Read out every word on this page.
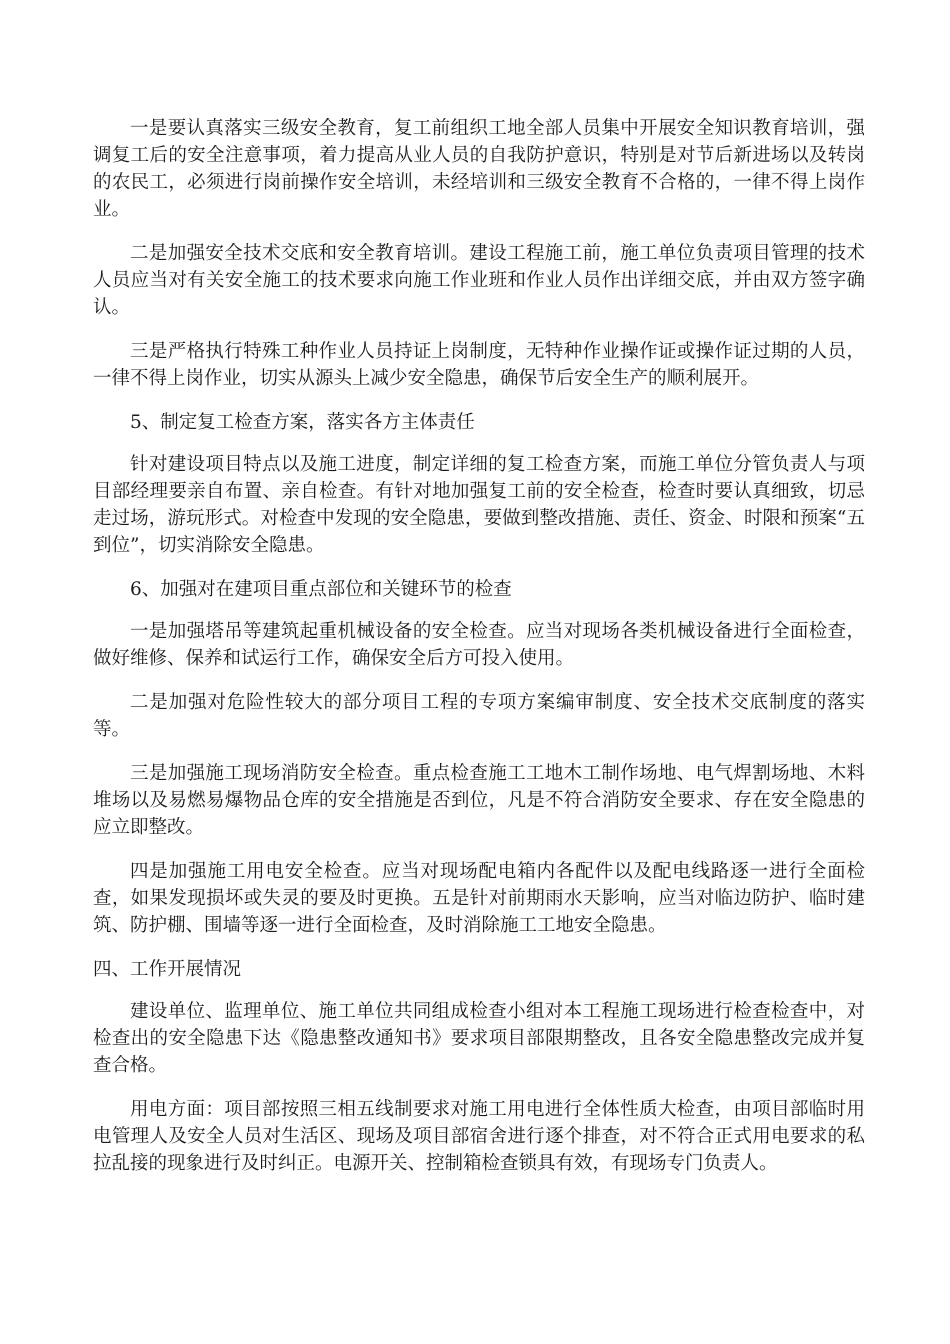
一是要认真落实三级安全教育，复工前组织工地全部人员集中开展安全知识教育培训，强调复工后的安全注意事项，着力提高从业人员的自我防护意识，特别是对节后新进场以及转岗的农民工，必须进行岗前操作安全培训，未经培训和三级安全教育不合格的，一律不得上岗作业。

二是加强安全技术交底和安全教育培训。建设工程施工前，施工单位负责项目管理的技术人员应当对有关安全施工的技术要求向施工作业班和作业人员作出详细交底，并由双方签字确认。

三是严格执行特殊工种作业人员持证上岗制度，无特种作业操作证或操作证过期的人员，一律不得上岗作业，切实从源头上减少安全隐患，确保节后安全生产的顺利展开。

5、制定复工检查方案，落实各方主体责任

针对建设项目特点以及施工进度，制定详细的复工检查方案，而施工单位分管负责人与项目部经理要亲自布置、亲自检查。有针对地加强复工前的安全检查，检查时要认真细致，切忌走过场，游玩形式。对检查中发现的安全隐患，要做到整改措施、责任、资金、时限和预案“五到位”，切实消除安全隐患。

6、加强对在建项目重点部位和关键环节的检查

一是加强塔吊等建筑起重机械设备的安全检查。应当对现场各类机械设备进行全面检查，做好维修、保养和试运行工作，确保安全后方可投入使用。

二是加强对危险性较大的部分项目工程的专项方案编审制度、安全技术交底制度的落实等。

三是加强施工现场消防安全检查。重点检查施工工地木工制作场地、电气焊割场地、木料堆场以及易燃易爆物品仓库的安全措施是否到位，凡是不符合消防安全要求、存在安全隐患的应立即整改。

四是加强施工用电安全检查。应当对现场配电箱内各配件以及配电线路逐一进行全面检查，如果发现损坏或失灵的要及时更换。五是针对前期雨水天影响，应当对临边防护、临时建筑、防护棚、围墙等逐一进行全面检查，及时消除施工工地安全隐患。

四、工作开展情况

建设单位、监理单位、施工单位共同组成检查小组对本工程施工现场进行检查检查中，对检查出的安全隐患下达《隐患整改通知书》要求项目部限期整改，且各安全隐患整改完成并复查合格。

用电方面：项目部按照三相五线制要求对施工用电进行全体性质大检查，由项目部临时用电管理人及安全人员对生活区、现场及项目部宿舍进行逐个排查，对不符合正式用电要求的私拉乱接的现象进行及时纠正。电源开关、控制箱检查锁具有效，有现场专门负责人。
